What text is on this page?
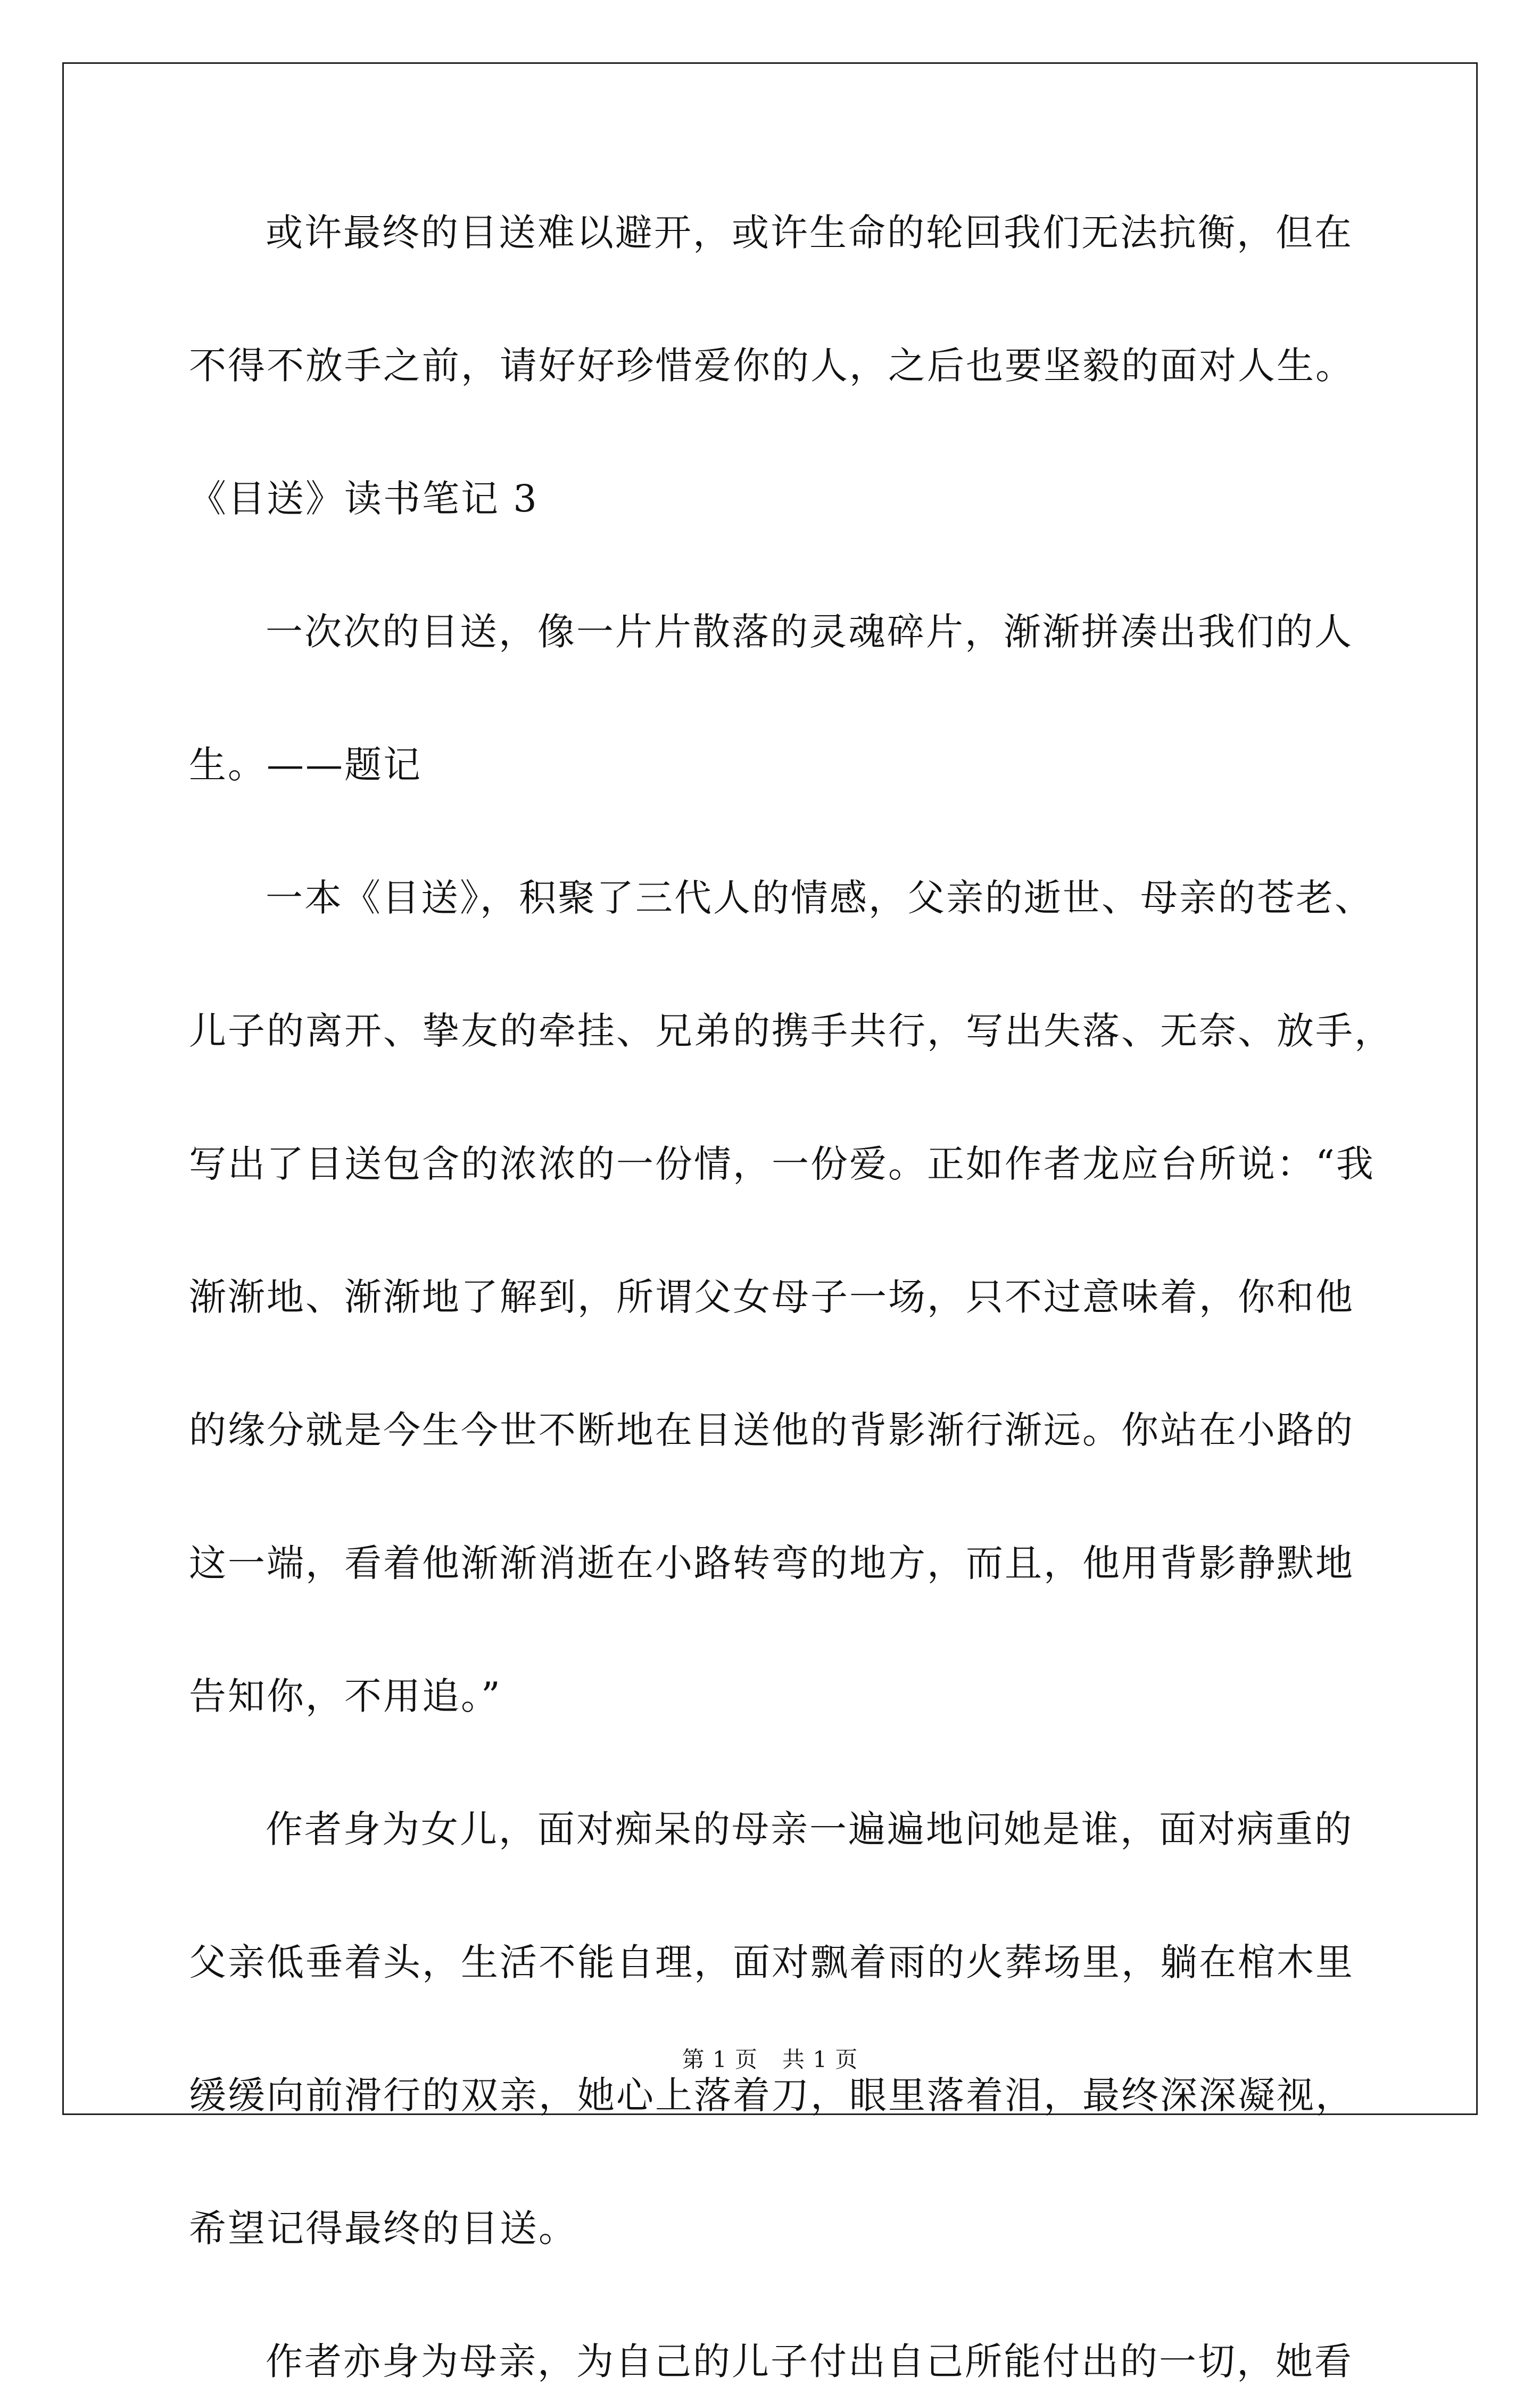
或许最终的目送难以避开，或许生命的轮回我们无法抗衡，但在
不得不放手之前，请好好珍惜爱你的人，之后也要坚毅的面对人生。
《目送》读书笔记 3
一次次的目送，像一片片散落的灵魂碎片，渐渐拼凑出我们的人
生。——题记
一本《目送》，积聚了三代人的情感，父亲的逝世、母亲的苍老、
儿子的离开、挚友的牵挂、兄弟的携手共行，写出失落、无奈、放手，
写出了目送包含的浓浓的一份情，一份爱。正如作者龙应台所说：“我
渐渐地、渐渐地了解到，所谓父女母子一场，只不过意味着，你和他
的缘分就是今生今世不断地在目送他的背影渐行渐远。你站在小路的
这一端，看着他渐渐消逝在小路转弯的地方，而且，他用背影静默地
告知你，不用追。”
作者身为女儿，面对痴呆的母亲一遍遍地问她是谁，面对病重的
父亲低垂着头，生活不能自理，面对飘着雨的火葬场里，躺在棺木里
缓缓向前滑行的双亲，她心上落着刀，眼里落着泪，最终深深凝视，
希望记得最终的目送。
作者亦身为母亲，为自己的儿子付出自己所能付出的一切，她看
第 1 页 共 1 页
